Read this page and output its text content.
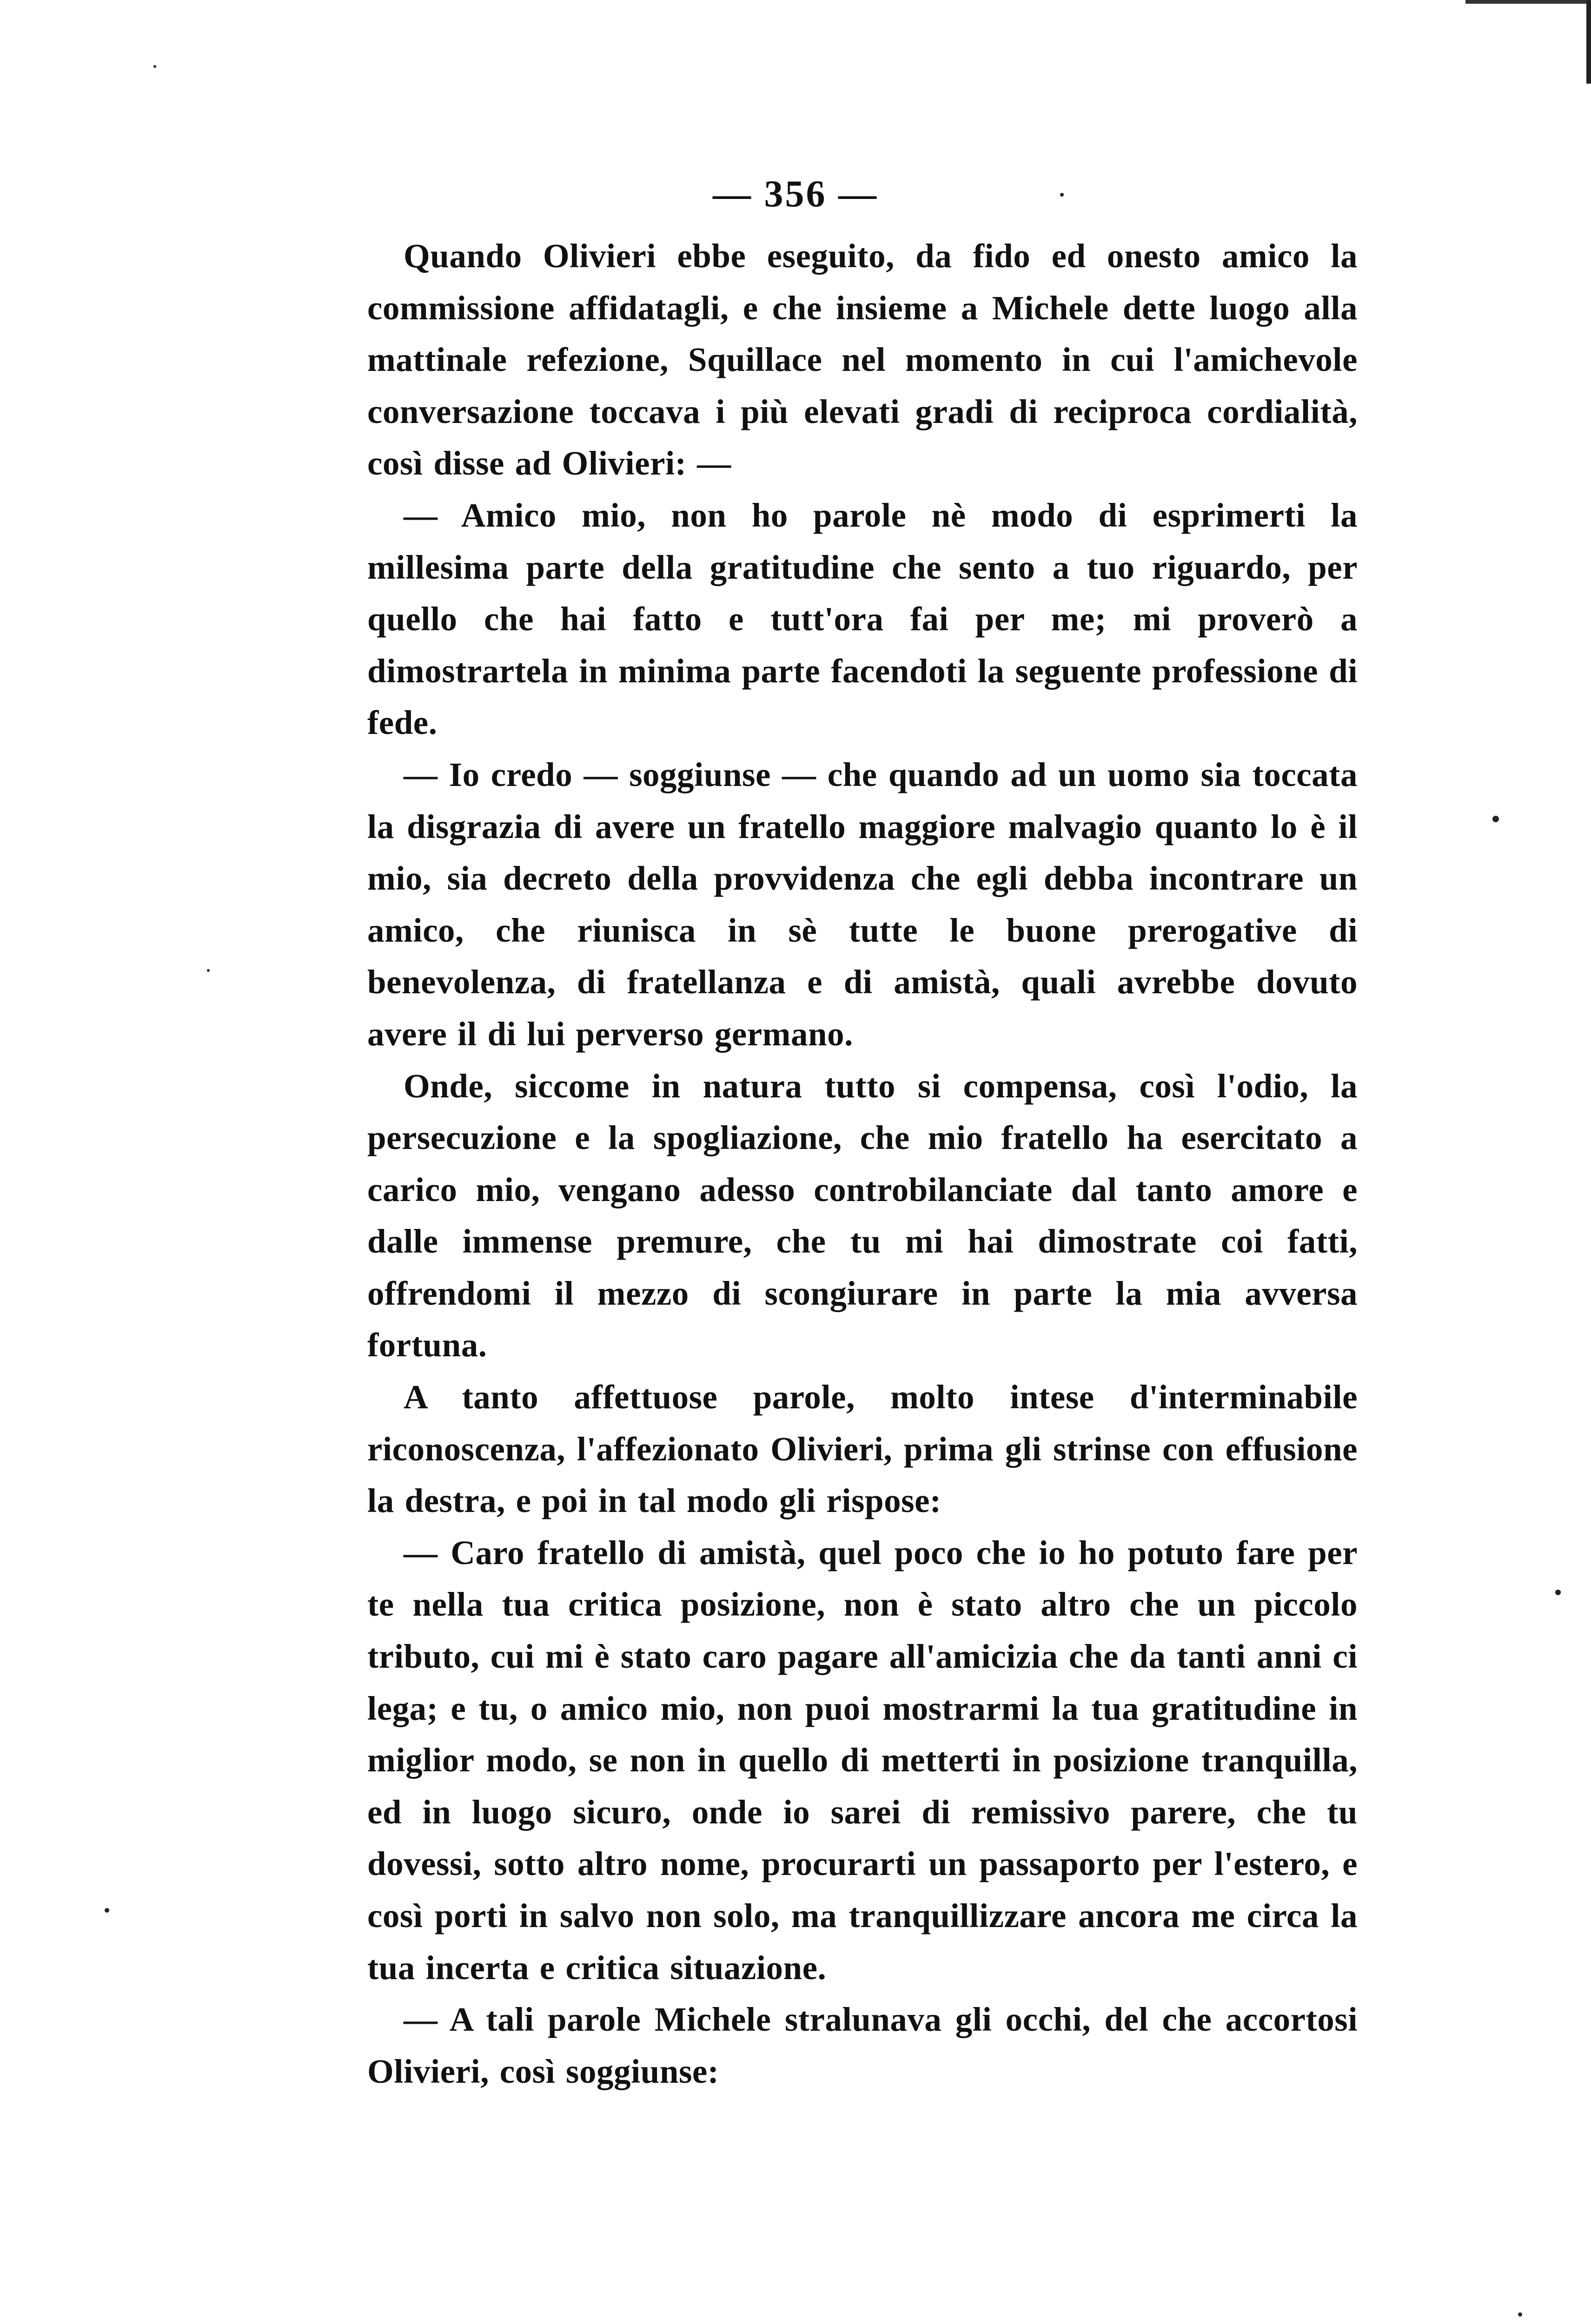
— 356 —

Quando Olivieri ebbe eseguito, da fido ed onesto amico la commissione affidatagli, e che insieme a Michele dette luogo alla mattinale refezione, Squillace nel momento in cui l'amichevole conversazione toccava i più elevati gradi di reciproca cordialità, così disse ad Olivieri: —

— Amico mio, non ho parole nè modo di esprimerti la millesima parte della gratitudine che sento a tuo riguardo, per quello che hai fatto e tutt'ora fai per me; mi proverò a dimostrartela in minima parte facendoti la seguente professione di fede.

— Io credo — soggiunse — che quando ad un uomo sia toccata la disgrazia di avere un fratello maggiore malvagio quanto lo è il mio, sia decreto della provvidenza che egli debba incontrare un amico, che riunisca in sè tutte le buone prerogative di benevolenza, di fratellanza e di amistà, quali avrebbe dovuto avere il di lui perverso germano.

Onde, siccome in natura tutto si compensa, così l'odio, la persecuzione e la spogliazione, che mio fratello ha esercitato a carico mio, vengano adesso controbilanciate dal tanto amore e dalle immense premure, che tu mi hai dimostrate coi fatti, offrendomi il mezzo di scongiurare in parte la mia avversa fortuna.

A tanto affettuose parole, molto intese d'interminabile riconoscenza, l'affezionato Olivieri, prima gli strinse con effusione la destra, e poi in tal modo gli rispose:

— Caro fratello di amistà, quel poco che io ho potuto fare per te nella tua critica posizione, non è stato altro che un piccolo tributo, cui mi è stato caro pagare all'amicizia che da tanti anni ci lega; e tu, o amico mio, non puoi mostrarmi la tua gratitudine in miglior modo, se non in quello di metterti in posizione tranquilla, ed in luogo sicuro, onde io sarei di remissivo parere, che tu dovessi, sotto altro nome, procurarti un passaporto per l'estero, e così porti in salvo non solo, ma tranquillizzare ancora me circa la tua incerta e critica situazione.

— A tali parole Michele stralunava gli occhi, del che accortosi Olivieri, così soggiunse:
